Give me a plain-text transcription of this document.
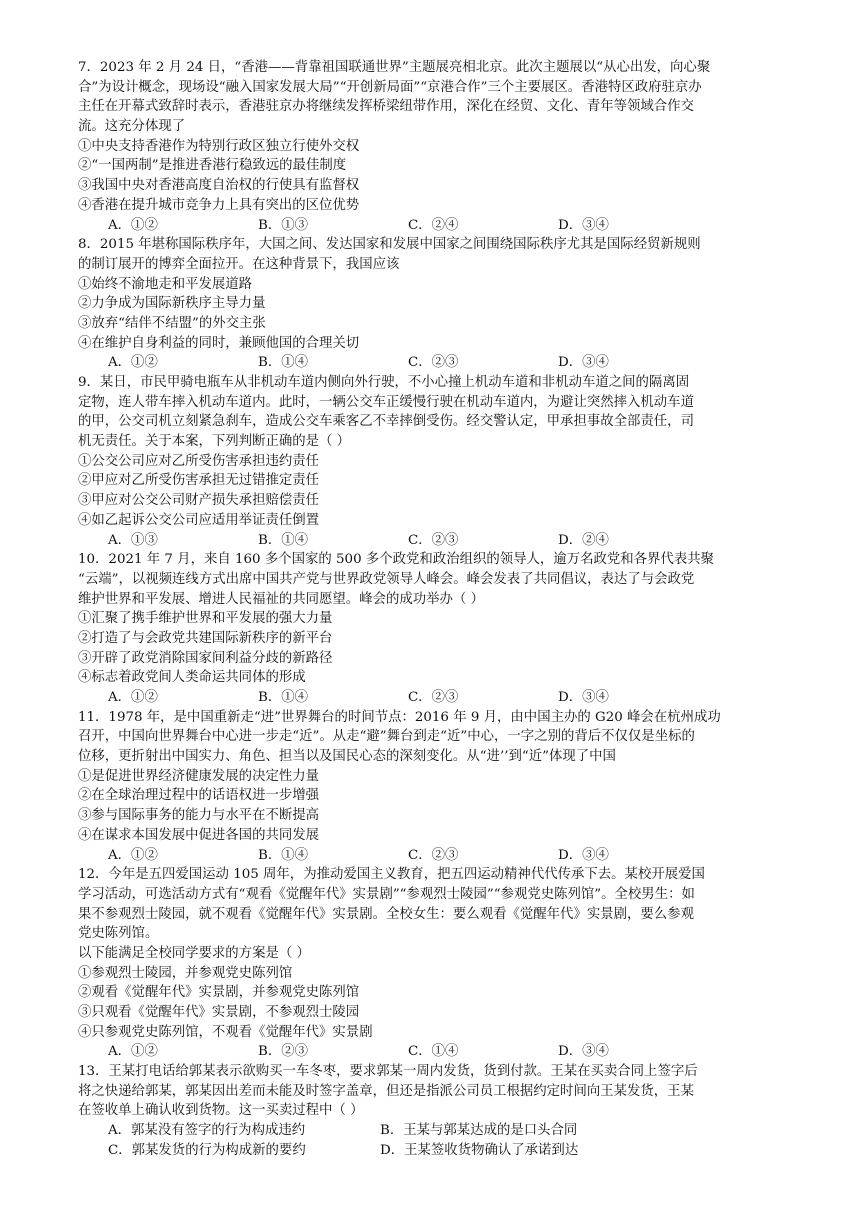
7．2023 年 2 月 24 日，“香港——背靠祖国联通世界”主题展亮相北京。此次主题展以“从心出发，向心聚
合”为设计概念，现场设“融入国家发展大局”“开创新局面”“京港合作”三个主要展区。香港特区政府驻京办
主任在开幕式致辞时表示，香港驻京办将继续发挥桥梁纽带作用，深化在经贸、文化、青年等领域合作交
流。这充分体现了
①中央支持香港作为特别行政区独立行使外交权
②“一国两制”是推进香港行稳致远的最佳制度
③我国中央对香港高度自治权的行使具有监督权
④香港在提升城市竞争力上具有突出的区位优势
A．①②	B．①③	C．②④	D．③④
8．2015 年堪称国际秩序年，大国之间、发达国家和发展中国家之间围绕国际秩序尤其是国际经贸新规则
的制订展开的博弈全面拉开。在这种背景下，我国应该
①始终不渝地走和平发展道路
②力争成为国际新秩序主导力量
③放弃“结伴不结盟”的外交主张
④在维护自身利益的同时，兼顾他国的合理关切
A．①②	B．①④	C．②③	D．③④
9．某日，市民甲骑电瓶车从非机动车道内侧向外行驶，不小心撞上机动车道和非机动车道之间的隔离固
定物，连人带车摔入机动车道内。此时，一辆公交车正缓慢行驶在机动车道内，为避让突然摔入机动车道
的甲，公交司机立刻紧急刹车，造成公交车乘客乙不幸摔倒受伤。经交警认定，甲承担事故全部责任，司
机无责任。关于本案，下列判断正确的是（ ）
①公交公司应对乙所受伤害承担违约责任
②甲应对乙所受伤害承担无过错推定责任
③甲应对公交公司财产损失承担赔偿责任
④如乙起诉公交公司应适用举证责任倒置
A．①③	B．①④	C．②③	D．②④
10．2021 年 7 月，来自 160 多个国家的 500 多个政党和政治组织的领导人，逾万名政党和各界代表共聚
“云端”，以视频连线方式出席中国共产党与世界政党领导人峰会。峰会发表了共同倡议，表达了与会政党
维护世界和平发展、增进人民福祉的共同愿望。峰会的成功举办（ ）
①汇聚了携手维护世界和平发展的强大力量
②打造了与会政党共建国际新秩序的新平台
③开辟了政党消除国家间利益分歧的新路径
④标志着政党间人类命运共同体的形成
A．①②	B．①④	C．②③	D．③④
11．1978 年，是中国重新走“进”世界舞台的时间节点：2016 年 9 月，由中国主办的 G20 峰会在杭州成功
召开，中国向世界舞台中心进一步走“近”。从走“避”舞台到走“近”中心，一字之别的背后不仅仅是坐标的
位移，更折射出中国实力、角色、担当以及国民心态的深刻变化。从“进’’到“近”体现了中国
①是促进世界经济健康发展的决定性力量
②在全球治理过程中的话语权进一步增强
③参与国际事务的能力与水平在不断提高
④在谋求本国发展中促进各国的共同发展
A．①②	B．①④	C．②③	D．③④
12．今年是五四爱国运动 105 周年，为推动爱国主义教育，把五四运动精神代代传承下去。某校开展爱国
学习活动，可选活动方式有“观看《觉醒年代》实景剧”“参观烈士陵园”“参观党史陈列馆”。全校男生：如
果不参观烈士陵园，就不观看《觉醒年代》实景剧。全校女生：要么观看《觉醒年代》实景剧，要么参观
党史陈列馆。
以下能满足全校同学要求的方案是（ ）
①参观烈士陵园，并参观党史陈列馆
②观看《觉醒年代》实景剧，并参观党史陈列馆
③只观看《觉醒年代》实景剧，不参观烈士陵园
④只参观党史陈列馆，不观看《觉醒年代》实景剧
A．①②	B．②③	C．①④	D．③④
13．王某打电话给郭某表示欲购买一车冬枣，要求郭某一周内发货，货到付款。王某在买卖合同上签字后
将之快递给郭某，郭某因出差而未能及时签字盖章，但还是指派公司员工根据约定时间向王某发货，王某
在签收单上确认收到货物。这一买卖过程中（ ）
A．郭某没有签字的行为构成违约	B．王某与郭某达成的是口头合同
C．郭某发货的行为构成新的要约	D．王某签收货物确认了承诺到达
